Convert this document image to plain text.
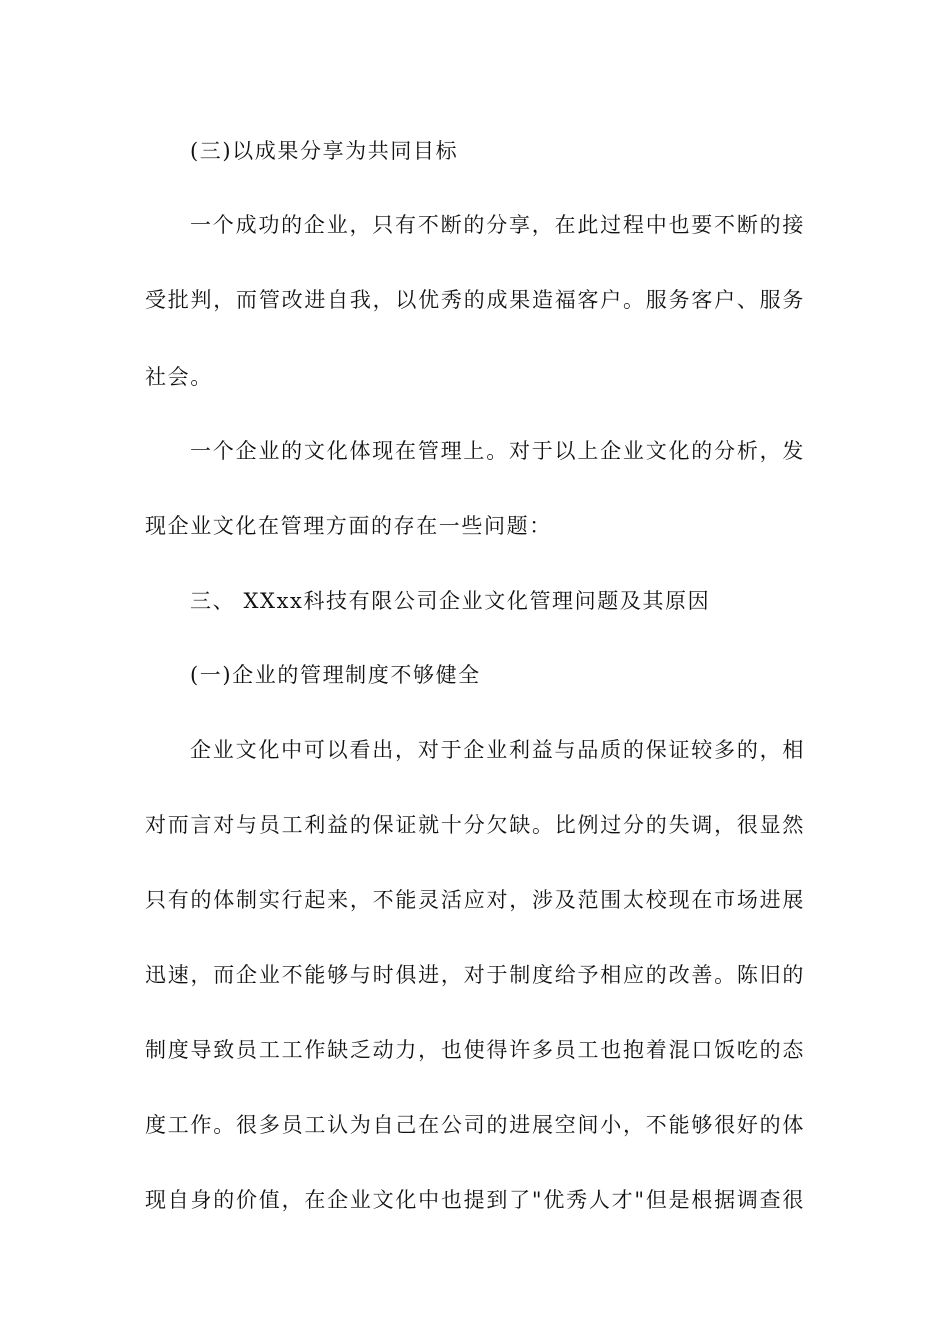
(三)以成果分享为共同目标
一个成功的企业，只有不断的分享，在此过程中也要不断的接
受批判，而管改进自我，以优秀的成果造福客户。服务客户、服务
社会。
一个企业的文化体现在管理上。对于以上企业文化的分析，发
现企业文化在管理方面的存在一些问题：
三、 XXxx科技有限公司企业文化管理问题及其原因
(一)企业的管理制度不够健全
企业文化中可以看出，对于企业利益与品质的保证较多的，相
对而言对与员工利益的保证就十分欠缺。比例过分的失调，很显然
只有的体制实行起来，不能灵活应对，涉及范围太校现在市场进展
迅速，而企业不能够与时俱进，对于制度给予相应的改善。陈旧的
制度导致员工工作缺乏动力，也使得许多员工也抱着混口饭吃的态
度工作。很多员工认为自己在公司的进展空间小，不能够很好的体
现自身的价值，在企业文化中也提到了"优秀人才"但是根据调查很
